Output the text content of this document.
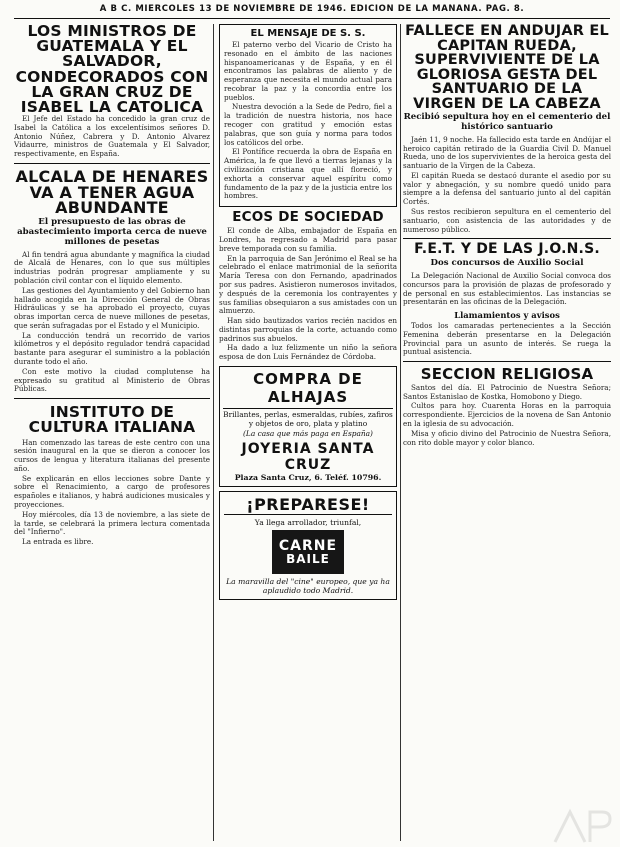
A B C. MIERCOLES 13 DE NOVIEMBRE DE 1946. EDICION DE LA MAÑANA. PAG. 8.
LOS MINISTROS DE GUATEMALA Y EL SALVADOR, CONDECORADOS CON LA GRAN CRUZ DE ISABEL LA CATOLICA

El Jefe del Estado ha concedido la gran cruz de Isabel la Católica a los excelentísimos señores D. Antonio Núñez, Cabrera y D. Antonio Alvarez Vidaurre, ministros de Guatemala y El Salvador, respectivamente, en España.

ALCALA DE HENARES VA A TENER AGUA ABUNDANTE
El presupuesto de las obras de abastecimiento importa cerca de nueve millones de pesetas

Al fin tendrá agua abundante y magnífica la ciudad de Alcalá de Henares, con lo que sus múltiples industrias podrán progresar ampliamente y su población civil contar con el líquido elemento.

Las gestiones del Ayuntamiento y del Gobierno han hallado acogida en la Dirección General de Obras Hidráulicas y se ha aprobado el proyecto, cuyas obras importan cerca de nueve millones de pesetas, que serán sufragadas por el Estado y el Municipio.

La conducción tendrá un recorrido de varios kilómetros y el depósito regulador tendrá capacidad bastante para asegurar el suministro a la población durante todo el año.

Con este motivo la ciudad complutense ha expresado su gratitud al Ministerio de Obras Públicas.

INSTITUTO DE CULTURA ITALIANA

Han comenzado las tareas de este centro con una sesión inaugural en la que se dieron a conocer los cursos de lengua y literatura italianas del presente año.

Se explicarán en ellos lecciones sobre Dante y sobre el Renacimiento, a cargo de profesores españoles e italianos, y habrá audiciones musicales y proyecciones.

Hoy miércoles, día 13 de noviembre, a las siete de la tarde, se celebrará la primera lectura comentada del "Infierno".

La entrada es libre.

EL MENSAJE DE S. S.

El paterno verbo del Vicario de Cristo ha resonado en el ámbito de las naciones hispanoamericanas y de España, y en él encontramos las palabras de aliento y de esperanza que necesita el mundo actual para recobrar la paz y la concordia entre los pueblos.

Nuestra devoción a la Sede de Pedro, fiel a la tradición de nuestra historia, nos hace recoger con gratitud y emoción estas palabras, que son guía y norma para todos los católicos del orbe.

El Pontífice recuerda la obra de España en América, la fe que llevó a tierras lejanas y la civilización cristiana que allí floreció, y exhorta a conservar aquel espíritu como fundamento de la paz y de la justicia entre los hombres.

ECOS DE SOCIEDAD

El conde de Alba, embajador de España en Londres, ha regresado a Madrid para pasar breve temporada con su familia.

En la parroquia de San Jerónimo el Real se ha celebrado el enlace matrimonial de la señorita María Teresa con don Fernando, apadrinados por sus padres. Asistieron numerosos invitados, y después de la ceremonia los contrayentes y sus familias obsequiaron a sus amistades con un almuerzo.

Han sido bautizados varios recién nacidos en distintas parroquias de la corte, actuando como padrinos sus abuelos.

Ha dado a luz felizmente un niño la señora esposa de don Luis Fernández de Córdoba.

COMPRA DE ALHAJAS
Brillantes, perlas, esmeraldas, rubíes, zafiros y objetos de oro, plata y platino
(La casa que más paga en España)
JOYERIA SANTA CRUZ
Plaza Santa Cruz, 6. Teléf. 10796.
¡PREPARESE!
Ya llega arrollador, triunfal,
CARNE
BAILE
La maravilla del "cine" europeo, que ya ha aplaudido todo Madrid.
FALLECE EN ANDUJAR EL CAPITAN RUEDA, SUPERVIVIENTE DE LA GLORIOSA GESTA DEL SANTUARIO DE LA VIRGEN DE LA CABEZA
Recibió sepultura hoy en el cementerio del histórico santuario

Jaén 11, 9 noche. Ha fallecido esta tarde en Andújar el heroico capitán retirado de la Guardia Civil D. Manuel Rueda, uno de los supervivientes de la heroica gesta del santuario de la Virgen de la Cabeza.

El capitán Rueda se destacó durante el asedio por su valor y abnegación, y su nombre quedó unido para siempre a la defensa del santuario junto al del capitán Cortés.

Sus restos recibieron sepultura en el cementerio del santuario, con asistencia de las autoridades y de numeroso público.

F.E.T. Y DE LAS J.O.N.S.
Dos concursos de Auxilio Social

La Delegación Nacional de Auxilio Social convoca dos concursos para la provisión de plazas de profesorado y de personal en sus establecimientos. Las instancias se presentarán en las oficinas de la Delegación.

Llamamientos y avisos

Todos los camaradas pertenecientes a la Sección Femenina deberán presentarse en la Delegación Provincial para un asunto de interés. Se ruega la puntual asistencia.

SECCION RELIGIOSA

Santos del día. El Patrocinio de Nuestra Señora; Santos Estanislao de Kostka, Homobono y Diego.

Cultos para hoy. Cuarenta Horas en la parroquia correspondiente. Ejercicios de la novena de San Antonio en la iglesia de su advocación.

Misa y oficio divino del Patrocinio de Nuestra Señora, con rito doble mayor y color blanco.
